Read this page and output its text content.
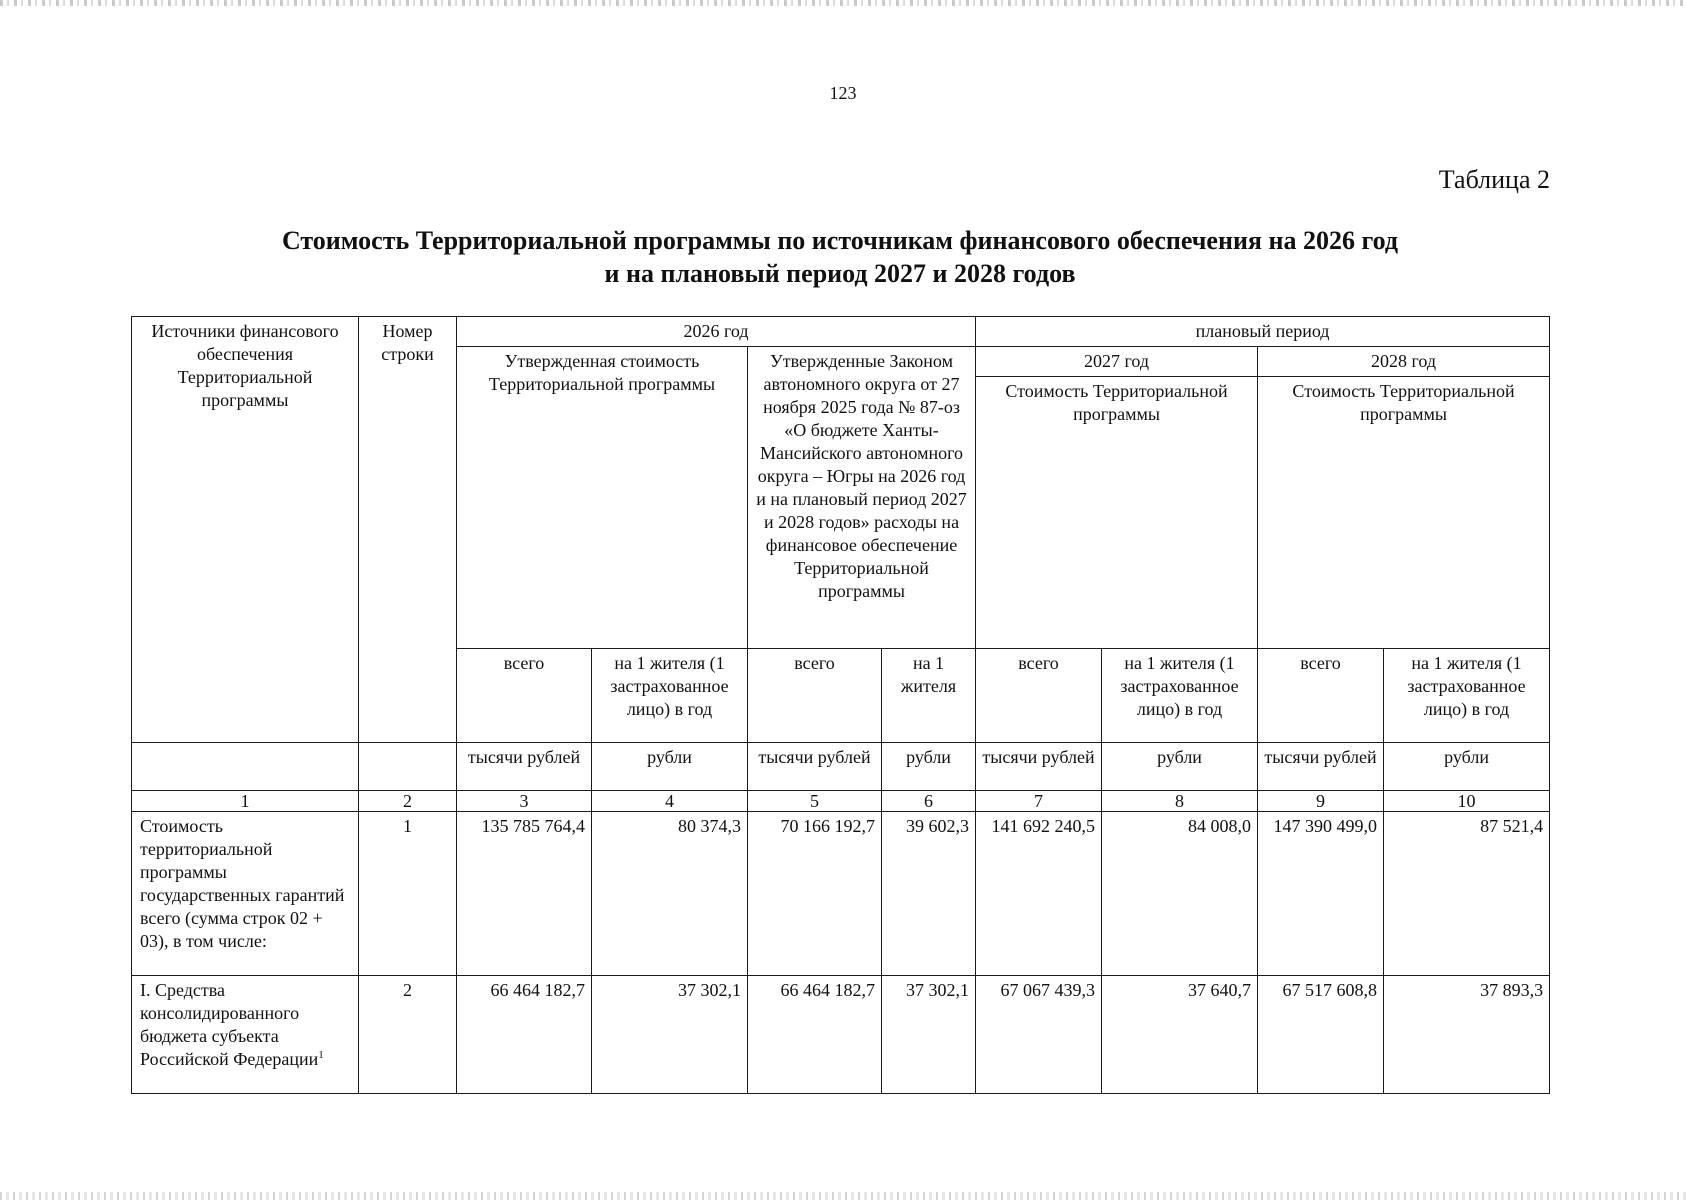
123
Таблица 2
Стоимость Территориальной программы по источникам финансового обеспечения на 2026 год
и на плановый период 2027 и 2028 годов
Источники финансового обеспечения Территориальной программы	Номер строки	2026 год				плановый период			
		Утвержденная стоимость Территориальной программы		Утвержденные Законом автономного округа от 27 ноября 2025 года № 87-оз «О бюджете Ханты-Мансийского автономного округа – Югры на 2026 год и на плановый период 2027 и 2028 годов» расходы на финансовое обеспечение Территориальной программы		2027 год		2028 год	
						Стоимость Территориальной программы		Стоимость Территориальной программы	
		всего	на 1 жителя (1 застрахованное лицо) в год	всего	на 1 жителя	всего	на 1 жителя (1 застрахованное лицо) в год	всего	на 1 жителя (1 застрахованное лицо) в год
		тысячи рублей	рубли	тысячи рублей	рубли	тысячи рублей	рубли	тысячи рублей	рубли
1	2	3	4	5	6	7	8	9	10
Стоимость территориальной программы государственных гарантий всего (сумма строк 02 + 03), в том числе:	1	135 785 764,4	80 374,3	70 166 192,7	39 602,3	141 692 240,5	84 008,0	147 390 499,0	87 521,4
I. Средства консолидированного бюджета субъекта Российской Федерации$^1$	2	66 464 182,7	37 302,1	66 464 182,7	37 302,1	67 067 439,3	37 640,7	67 517 608,8	37 893,3
